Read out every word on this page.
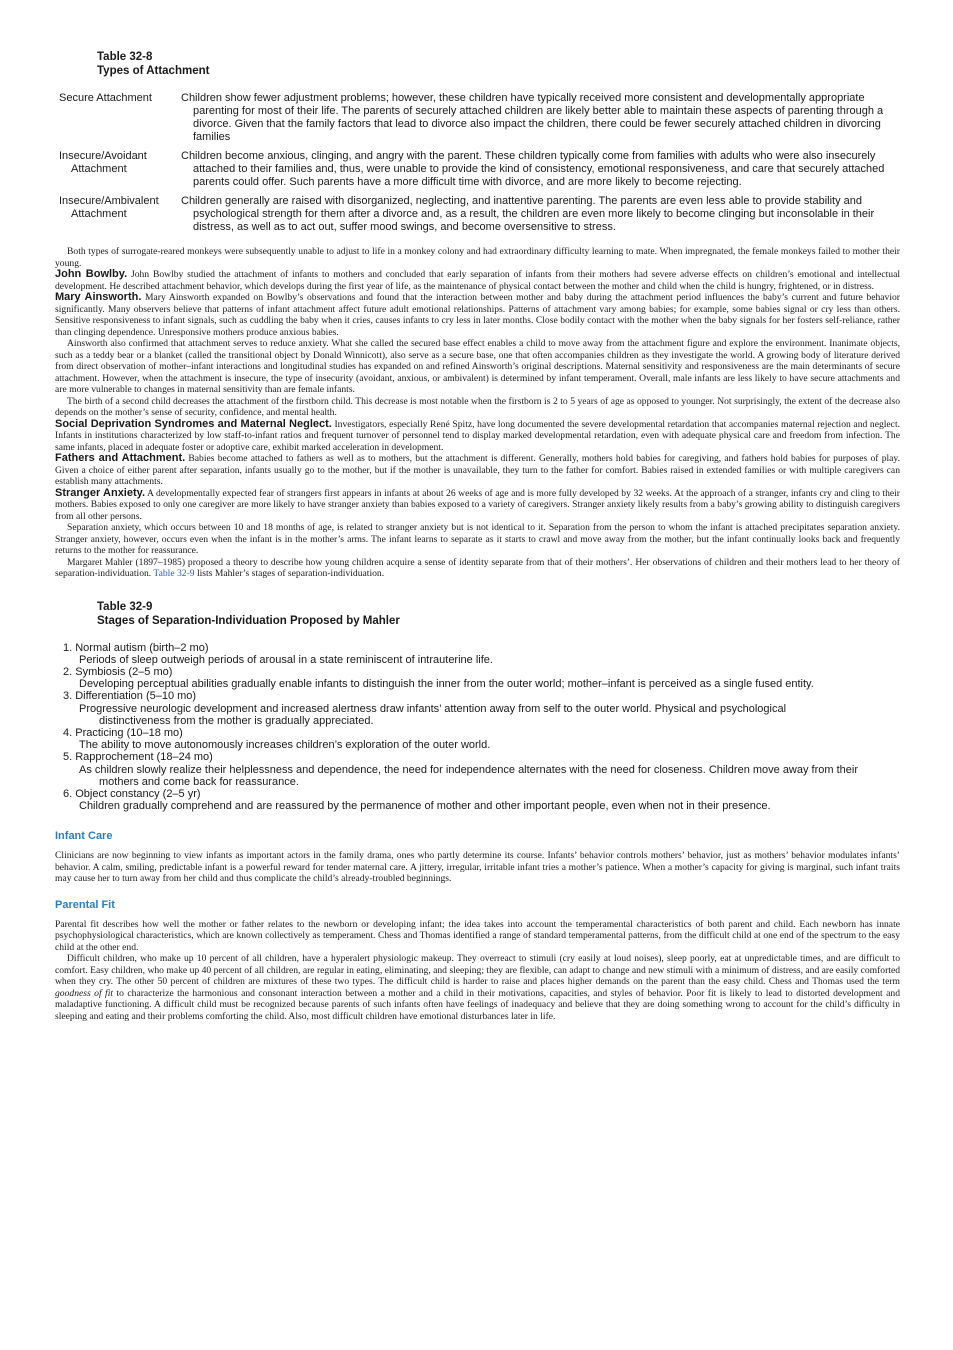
Table 32-8
Types of Attachment
Secure Attachment	Children show fewer adjustment problems; however, these children have typically received more consistent and developmentally appropriate parenting for most of their life. The parents of securely attached children are likely better able to maintain these aspects of parenting through a divorce. Given that the family factors that lead to divorce also impact the children, there could be fewer securely attached children in divorcing families
Insecure/Avoidant
Attachment
Children become anxious, clinging, and angry with the parent. These children typically come from families with adults who were also insecurely attached to their families and, thus, were unable to provide the kind of consistency, emotional responsiveness, and care that securely attached parents could offer. Such parents have a more difficult time with divorce, and are more likely to become rejecting.
Insecure/Ambivalent
Attachment
Children generally are raised with disorganized, neglecting, and inattentive parenting. The parents are even less able to provide stability and psychological strength for them after a divorce and, as a result, the children are even more likely to become clinging but inconsolable in their distress, as well as to act out, suffer mood swings, and become oversensitive to stress.

Both types of surrogate-reared monkeys were subsequently unable to adjust to life in a monkey colony and had extraordinary difficulty learning to mate. When impregnated, the female monkeys failed to mother their young.

John Bowlby. John Bowlby studied the attachment of infants to mothers and concluded that early separation of infants from their mothers had severe adverse effects on children’s emotional and intellectual development. He described attachment behavior, which develops during the first year of life, as the maintenance of physical contact between the mother and child when the child is hungry, frightened, or in distress.

Mary Ainsworth. Mary Ainsworth expanded on Bowlby’s observations and found that the interaction between mother and baby during the attachment period influences the baby’s current and future behavior significantly. Many observers believe that patterns of infant attachment affect future adult emotional relationships. Patterns of attachment vary among babies; for example, some babies signal or cry less than others. Sensitive responsiveness to infant signals, such as cuddling the baby when it cries, causes infants to cry less in later months. Close bodily contact with the mother when the baby signals for her fosters self-reliance, rather than clinging dependence. Unresponsive mothers produce anxious babies.

Ainsworth also confirmed that attachment serves to reduce anxiety. What she called the secured base effect enables a child to move away from the attachment figure and explore the environment. Inanimate objects, such as a teddy bear or a blanket (called the transitional object by Donald Winnicott), also serve as a secure base, one that often accompanies children as they investigate the world. A growing body of literature derived from direct observation of mother–infant interactions and longitudinal studies has expanded on and refined Ainsworth’s original descriptions. Maternal sensitivity and responsiveness are the main determinants of secure attachment. However, when the attachment is insecure, the type of insecurity (avoidant, anxious, or ambivalent) is determined by infant temperament. Overall, male infants are less likely to have secure attachments and are more vulnerable to changes in maternal sensitivity than are female infants.

The birth of a second child decreases the attachment of the firstborn child. This decrease is most notable when the firstborn is 2 to 5 years of age as opposed to younger. Not surprisingly, the extent of the decrease also depends on the mother’s sense of security, confidence, and mental health.

Social Deprivation Syndromes and Maternal Neglect. Investigators, especially René Spitz, have long documented the severe developmental retardation that accompanies maternal rejection and neglect. Infants in institutions characterized by low staff-to-infant ratios and frequent turnover of personnel tend to display marked developmental retardation, even with adequate physical care and freedom from infection. The same infants, placed in adequate foster or adoptive care, exhibit marked acceleration in development.

Fathers and Attachment. Babies become attached to fathers as well as to mothers, but the attachment is different. Generally, mothers hold babies for caregiving, and fathers hold babies for purposes of play. Given a choice of either parent after separation, infants usually go to the mother, but if the mother is unavailable, they turn to the father for comfort. Babies raised in extended families or with multiple caregivers can establish many attachments.

Stranger Anxiety. A developmentally expected fear of strangers first appears in infants at about 26 weeks of age and is more fully developed by 32 weeks. At the approach of a stranger, infants cry and cling to their mothers. Babies exposed to only one caregiver are more likely to have stranger anxiety than babies exposed to a variety of caregivers. Stranger anxiety likely results from a baby’s growing ability to distinguish caregivers from all other persons.

Separation anxiety, which occurs between 10 and 18 months of age, is related to stranger anxiety but is not identical to it. Separation from the person to whom the infant is attached precipitates separation anxiety. Stranger anxiety, however, occurs even when the infant is in the mother’s arms. The infant learns to separate as it starts to crawl and move away from the mother, but the infant continually looks back and frequently returns to the mother for reassurance.

Margaret Mahler (1897–1985) proposed a theory to describe how young children acquire a sense of identity separate from that of their mothers’. Her observations of children and their mothers lead to her theory of separation-individuation. Table 32-9 lists Mahler’s stages of separation-individuation.

Table 32-9
Stages of Separation-Individuation Proposed by Mahler
1. Normal autism (birth–2 mo)
Periods of sleep outweigh periods of arousal in a state reminiscent of intrauterine life.
2. Symbiosis (2–5 mo)
Developing perceptual abilities gradually enable infants to distinguish the inner from the outer world; mother–infant is perceived as a single fused entity.
3. Differentiation (5–10 mo)
Progressive neurologic development and increased alertness draw infants’ attention away from self to the outer world. Physical and psychological
distinctiveness from the mother is gradually appreciated.
4. Practicing (10–18 mo)
The ability to move autonomously increases children’s exploration of the outer world.
5. Rapprochement (18–24 mo)
As children slowly realize their helplessness and dependence, the need for independence alternates with the need for closeness. Children move away from their
mothers and come back for reassurance.
6. Object constancy (2–5 yr)
Children gradually comprehend and are reassured by the permanence of mother and other important people, even when not in their presence.
Infant Care

Clinicians are now beginning to view infants as important actors in the family drama, ones who partly determine its course. Infants’ behavior controls mothers’ behavior, just as mothers’ behavior modulates infants’ behavior. A calm, smiling, predictable infant is a powerful reward for tender maternal care. A jittery, irregular, irritable infant tries a mother’s patience. When a mother’s capacity for giving is marginal, such infant traits may cause her to turn away from her child and thus complicate the child’s already-troubled beginnings.

Parental Fit

Parental fit describes how well the mother or father relates to the newborn or developing infant; the idea takes into account the temperamental characteristics of both parent and child. Each newborn has innate psychophysiological characteristics, which are known collectively as temperament. Chess and Thomas identified a range of standard temperamental patterns, from the difficult child at one end of the spectrum to the easy child at the other end.

Difficult children, who make up 10 percent of all children, have a hyperalert physiologic makeup. They overreact to stimuli (cry easily at loud noises), sleep poorly, eat at unpredictable times, and are difficult to comfort. Easy children, who make up 40 percent of all children, are regular in eating, eliminating, and sleeping; they are flexible, can adapt to change and new stimuli with a minimum of distress, and are easily comforted when they cry. The other 50 percent of children are mixtures of these two types. The difficult child is harder to raise and places higher demands on the parent than the easy child. Chess and Thomas used the term goodness of fit to characterize the harmonious and consonant interaction between a mother and a child in their motivations, capacities, and styles of behavior. Poor fit is likely to lead to distorted development and maladaptive functioning. A difficult child must be recognized because parents of such infants often have feelings of inadequacy and believe that they are doing something wrong to account for the child’s difficulty in sleeping and eating and their problems comforting the child. Also, most difficult children have emotional disturbances later in life.
